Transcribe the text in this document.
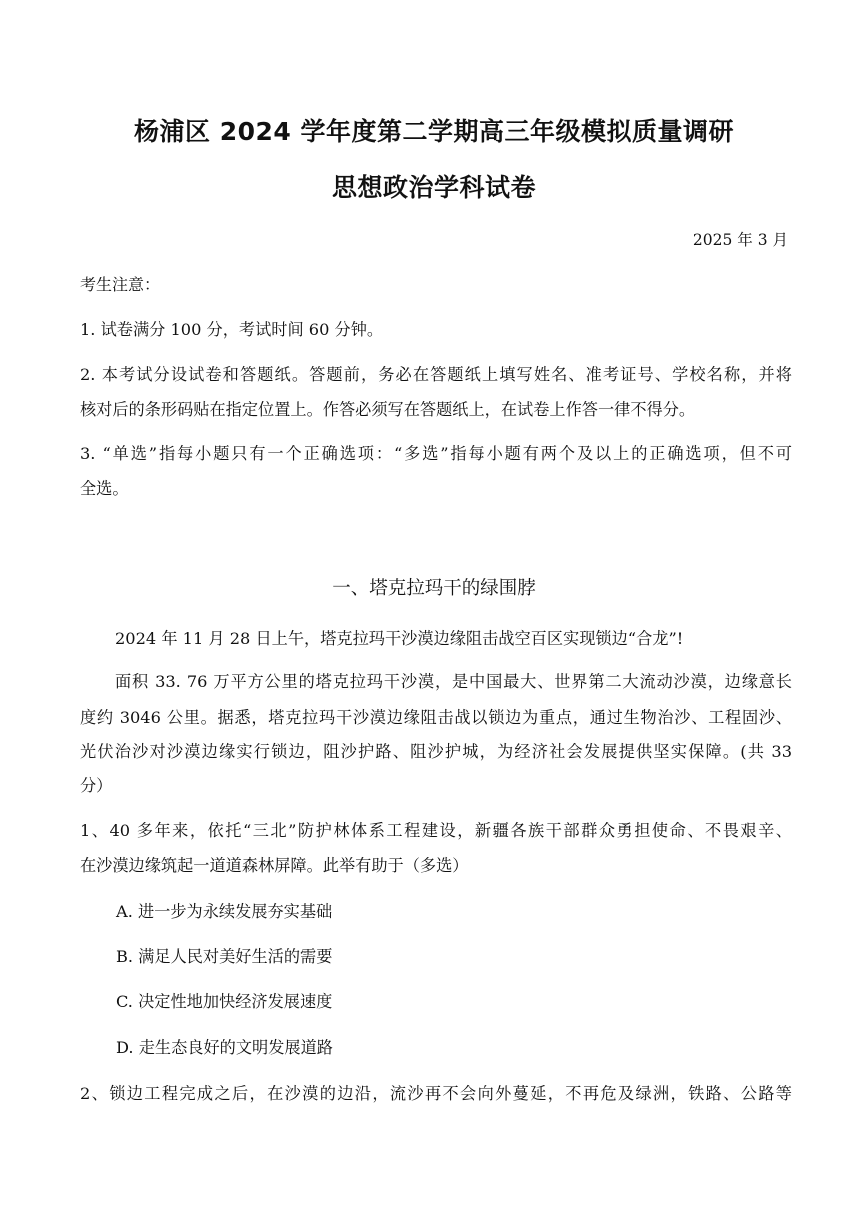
杨浦区 2024 学年度第二学期高三年级模拟质量调研
思想政治学科试卷
2025 年 3 月
考生注意：
1. 试卷满分 100 分，考试时间 60 分钟。
2. 本考试分设试卷和答题纸。答题前，务必在答题纸上填写姓名、准考证号、学校名称，并将
核对后的条形码贴在指定位置上。作答必须写在答题纸上，在试卷上作答一律不得分。
3. “单选”指每小题只有一个正确选项：“多选”指每小题有两个及以上的正确选项，但不可
全选。
一、塔克拉玛干的绿围脖
2024 年 11 月 28 日上午，塔克拉玛干沙漠边缘阻击战空百区实现锁边“合龙”!
面积 33. 76 万平方公里的塔克拉玛干沙漠，是中国最大、世界第二大流动沙漠，边缘意长
度约 3046 公里。据悉，塔克拉玛干沙漠边缘阻击战以锁边为重点，通过生物治沙、工程固沙、
光伏治沙对沙漠边缘实行锁边，阻沙护路、阻沙护城，为经济社会发展提供坚实保障。(共 33
分）
1、40 多年来，依托“三北”防护林体系工程建设，新疆各族干部群众勇担使命、不畏艰辛、
在沙漠边缘筑起一道道森林屏障。此举有助于（多选）
A. 进一步为永续发展夯实基础
B. 满足人民对美好生活的需要
C. 决定性地加快经济发展速度
D. 走生态良好的文明发展道路
2、锁边工程完成之后，在沙漠的边沿，流沙再不会向外蔓延，不再危及绿洲，铁路、公路等
